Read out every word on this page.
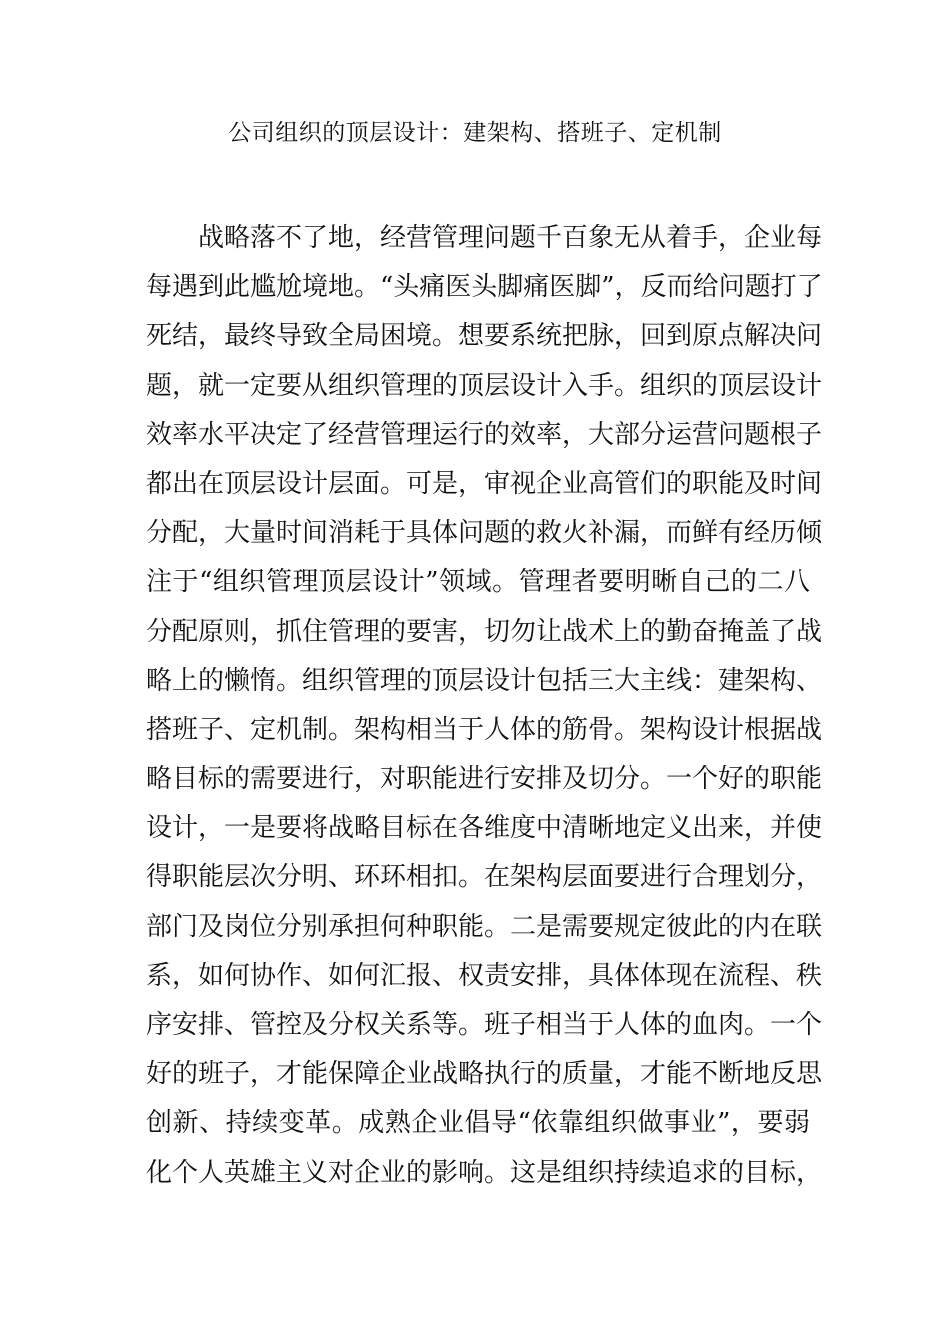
公司组织的顶层设计：建架构、搭班子、定机制
战略落不了地，经营管理问题千百象无从着手，企业每
每遇到此尴尬境地。“头痛医头脚痛医脚”，反而给问题打了
死结，最终导致全局困境。想要系统把脉，回到原点解决问
题，就一定要从组织管理的顶层设计入手。组织的顶层设计
效率水平决定了经营管理运行的效率，大部分运营问题根子
都出在顶层设计层面。可是，审视企业高管们的职能及时间
分配，大量时间消耗于具体问题的救火补漏，而鲜有经历倾
注于“组织管理顶层设计”领域。管理者要明晰自己的二八
分配原则，抓住管理的要害，切勿让战术上的勤奋掩盖了战
略上的懒惰。组织管理的顶层设计包括三大主线：建架构、
搭班子、定机制。架构相当于人体的筋骨。架构设计根据战
略目标的需要进行，对职能进行安排及切分。一个好的职能
设计，一是要将战略目标在各维度中清晰地定义出来，并使
得职能层次分明、环环相扣。在架构层面要进行合理划分，
部门及岗位分别承担何种职能。二是需要规定彼此的内在联
系，如何协作、如何汇报、权责安排，具体体现在流程、秩
序安排、管控及分权关系等。班子相当于人体的血肉。一个
好的班子，才能保障企业战略执行的质量，才能不断地反思
创新、持续变革。成熟企业倡导“依靠组织做事业”，要弱
化个人英雄主义对企业的影响。这是组织持续追求的目标，
